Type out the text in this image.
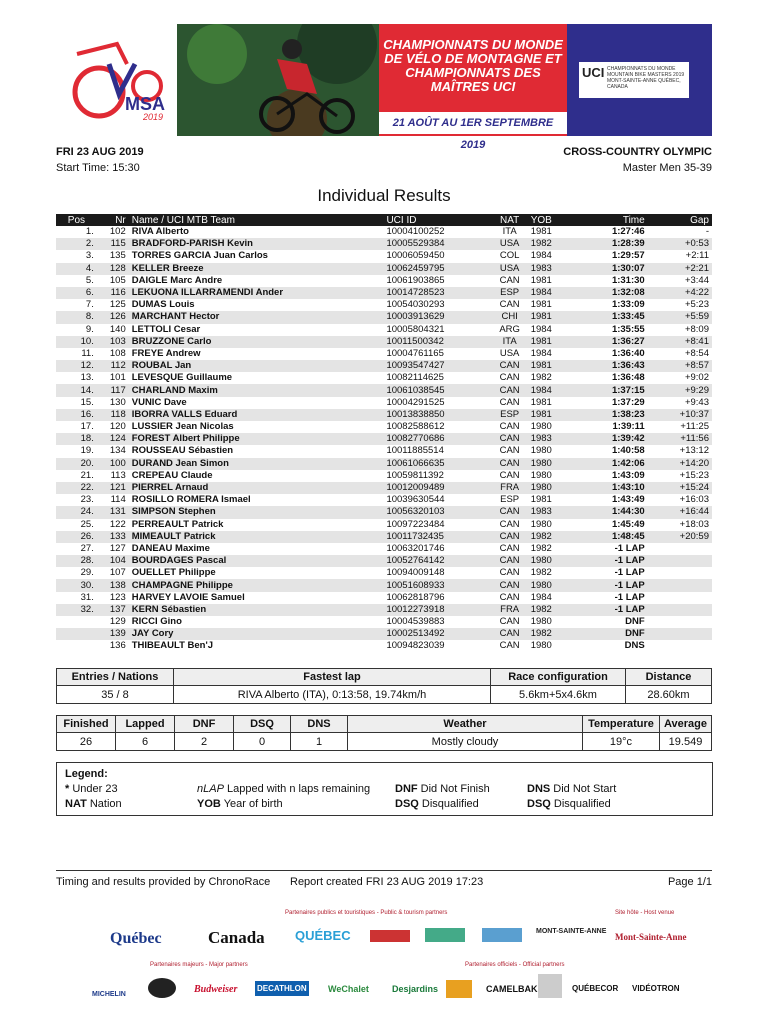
MSA
2019
CHAMPIONNATS DU MONDE DE VÉLO DE MONTAGNE ET CHAMPIONNATS DES MAÎTRES UCI
21 AOÛT AU 1ER SEPTEMBRE 2019
UCI CHAMPIONNATS DU MONDE MOUNTAIN BIKE MASTERS 2019 MONT-SAINTE-ANNE QUÉBEC, CANADA
FRI 23 AUG 2019
Start Time: 15:30
CROSS-COUNTRY OLYMPIC
Master Men 35-39
Individual Results
Pos	Nr	Name / UCI MTB Team	UCI ID	NAT	YOB	Time	Gap
1.	102	RIVA Alberto	10004100252	ITA	1981	1:27:46	-
2.	115	BRADFORD-PARISH Kevin	10005529384	USA	1982	1:28:39	+0:53
3.	135	TORRES GARCIA Juan Carlos	10006059450	COL	1984	1:29:57	+2:11
4.	128	KELLER Breeze	10062459795	USA	1983	1:30:07	+2:21
5.	105	DAIGLE Marc Andre	10061903865	CAN	1981	1:31:30	+3:44
6.	116	LEKUONA ILLARRAMENDI Ander	10014728523	ESP	1984	1:32:08	+4:22
7.	125	DUMAS Louis	10054030293	CAN	1981	1:33:09	+5:23
8.	126	MARCHANT Hector	10003913629	CHI	1981	1:33:45	+5:59
9.	140	LETTOLI Cesar	10005804321	ARG	1984	1:35:55	+8:09
10.	103	BRUZZONE Carlo	10011500342	ITA	1981	1:36:27	+8:41
11.	108	FREYE Andrew	10004761165	USA	1984	1:36:40	+8:54
12.	112	ROUBAL Jan	10093547427	CAN	1981	1:36:43	+8:57
13.	101	LEVESQUE Guillaume	10082114625	CAN	1982	1:36:48	+9:02
14.	117	CHARLAND Maxim	10061038545	CAN	1984	1:37:15	+9:29
15.	130	VUNIC Dave	10004291525	CAN	1981	1:37:29	+9:43
16.	118	IBORRA VALLS Eduard	10013838850	ESP	1981	1:38:23	+10:37
17.	120	LUSSIER Jean Nicolas	10082588612	CAN	1980	1:39:11	+11:25
18.	124	FOREST Albert Philippe	10082770686	CAN	1983	1:39:42	+11:56
19.	134	ROUSSEAU Sébastien	10011885514	CAN	1980	1:40:58	+13:12
20.	100	DURAND Jean Simon	10061066635	CAN	1980	1:42:06	+14:20
21.	113	CREPEAU Claude	10059811392	CAN	1980	1:43:09	+15:23
22.	121	PIERREL Arnaud	10012009489	FRA	1980	1:43:10	+15:24
23.	114	ROSILLO ROMERA Ismael	10039630544	ESP	1981	1:43:49	+16:03
24.	131	SIMPSON Stephen	10056320103	CAN	1983	1:44:30	+16:44
25.	122	PERREAULT Patrick	10097223484	CAN	1980	1:45:49	+18:03
26.	133	MIMEAULT Patrick	10011732435	CAN	1982	1:48:45	+20:59
27.	127	DANEAU Maxime	10063201746	CAN	1982	-1 LAP	
28.	104	BOURDAGES Pascal	10052764142	CAN	1980	-1 LAP	
29.	107	OUELLET Philippe	10094009148	CAN	1982	-1 LAP	
30.	138	CHAMPAGNE Philippe	10051608933	CAN	1980	-1 LAP	
31.	123	HARVEY LAVOIE Samuel	10062818796	CAN	1984	-1 LAP	
32.	137	KERN Sébastien	10012273918	FRA	1982	-1 LAP	
	129	RICCI Gino	10004539883	CAN	1980	DNF	
	139	JAY Cory	10002513492	CAN	1982	DNF	
	136	THIBEAULT Ben'J	10094823039	CAN	1980	DNS	
Entries / Nations	Fastest lap	Race configuration	Distance
35 / 8	RIVA Alberto (ITA), 0:13:58, 19.74km/h	5.6km+5x4.6km	28.60km
Finished	Lapped	DNF	DSQ	DNS	Weather	Temperature	Average
26	6	2	0	1	Mostly cloudy	19°c	19.549
Legend:
* Under 23
NAT Nation
nLAP Lapped with n laps remaining
YOB Year of birth
DNF Did Not Finish
DSQ Disqualified
DNS Did Not Start
DSQ Disqualified
Timing and results provided by ChronoRace Report created FRI 23 AUG 2019 17:23	Page 1/1
Partenaires publics et touristiques - Public & tourism partners	Site hôte - Host venue
Québec	Canada QUÉBEC	MONT-SAINTE-ANNE
Mont-Sainte-Anne
Partenaires majeurs - Major partners	Partenaires officiels - Official partners
MICHELIN	Budweiser DECATHLON WeChalet	Desjardins	CAMELBAK	QUÉBECOR VIDÉOTRON
